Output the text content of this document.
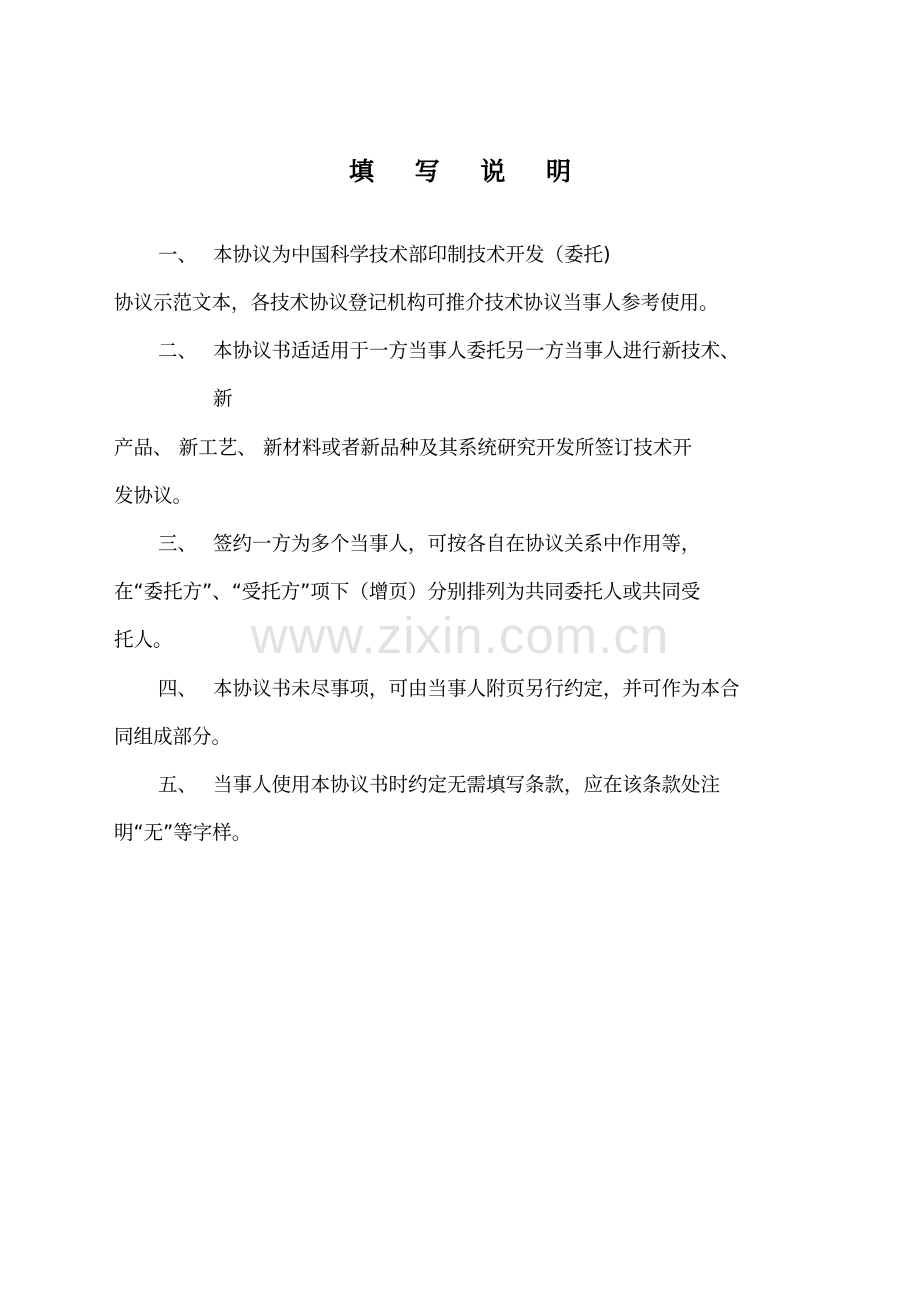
填 写 说 明
一、 本协议为中国科学技术部印制技术开发（委托)
协议示范文本，各技术协议登记机构可推介技术协议当事人参考使用。
二、 本协议书适适用于一方当事人委托另一方当事人进行新技术、
新
产品、 新工艺、 新材料或者新品种及其系统研究开发所签订技术开
发协议。
三、 签约一方为多个当事人，可按各自在协议关系中作用等，
在“委托方”、“受托方”项下（增页）分别排列为共同委托人或共同受
托人。
四、 本协议书未尽事项，可由当事人附页另行约定，并可作为本合
同组成部分。
五、 当事人使用本协议书时约定无需填写条款，应在该条款处注
明“无”等字样。
www.zixin.com.cn
